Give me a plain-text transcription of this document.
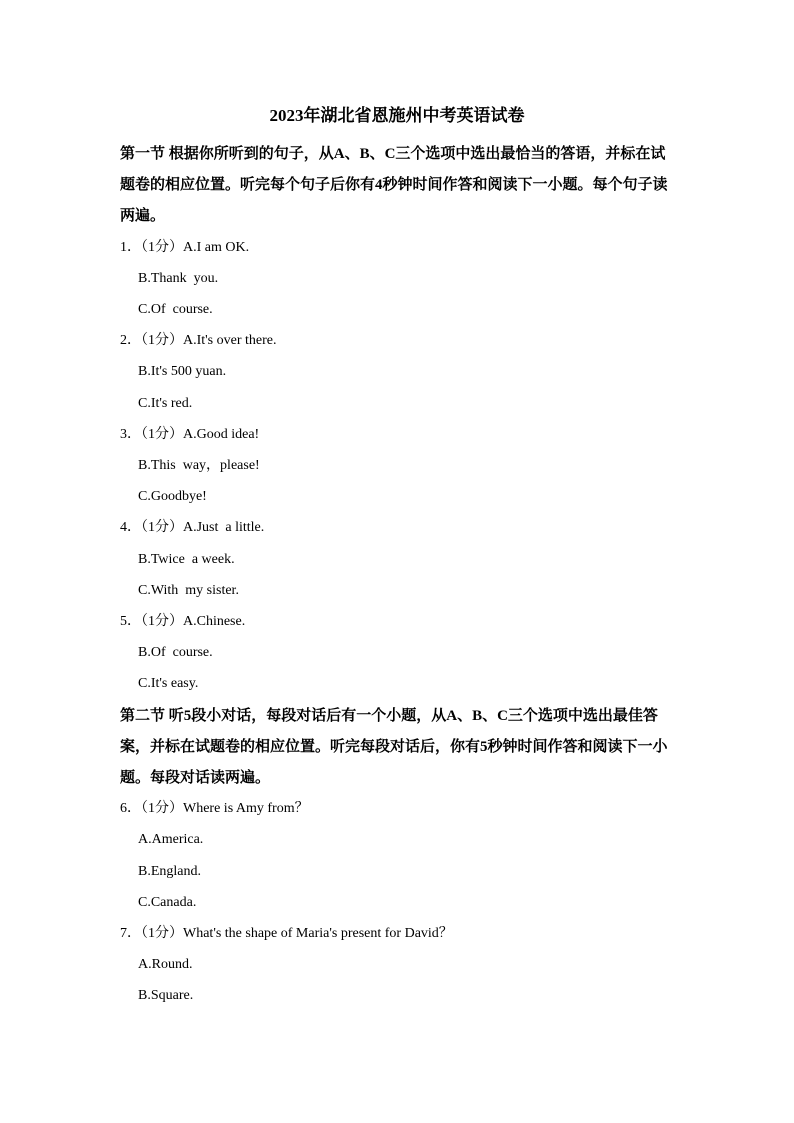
2023年湖北省恩施州中考英语试卷
第一节 根据你所听到的句子，从A、B、C三个选项中选出最恰当的答语，并标在试题卷的相应位置。听完每个句子后你有4秒钟时间作答和阅读下一小题。每个句子读两遍。
1．（1分）A.I am OK.
B.Thank  you.
C.Of  course.
2．（1分）A.It's over there.
B.It's 500 yuan.
C.It's red.
3．（1分）A.Good idea!
B.This  way，please!
C.Goodbye!
4．（1分）A.Just  a little.
B.Twice  a week.
C.With  my sister.
5．（1分）A.Chinese.
B.Of  course.
C.It's easy.
第二节 听5段小对话，每段对话后有一个小题，从A、B、C三个选项中选出最佳答案，并标在试题卷的相应位置。听完每段对话后，你有5秒钟时间作答和阅读下一小题。每段对话读两遍。
6．（1分）Where is Amy from？
A.America.
B.England.
C.Canada.
7．（1分）What's the shape of Maria's present for David？
A.Round.
B.Square.
